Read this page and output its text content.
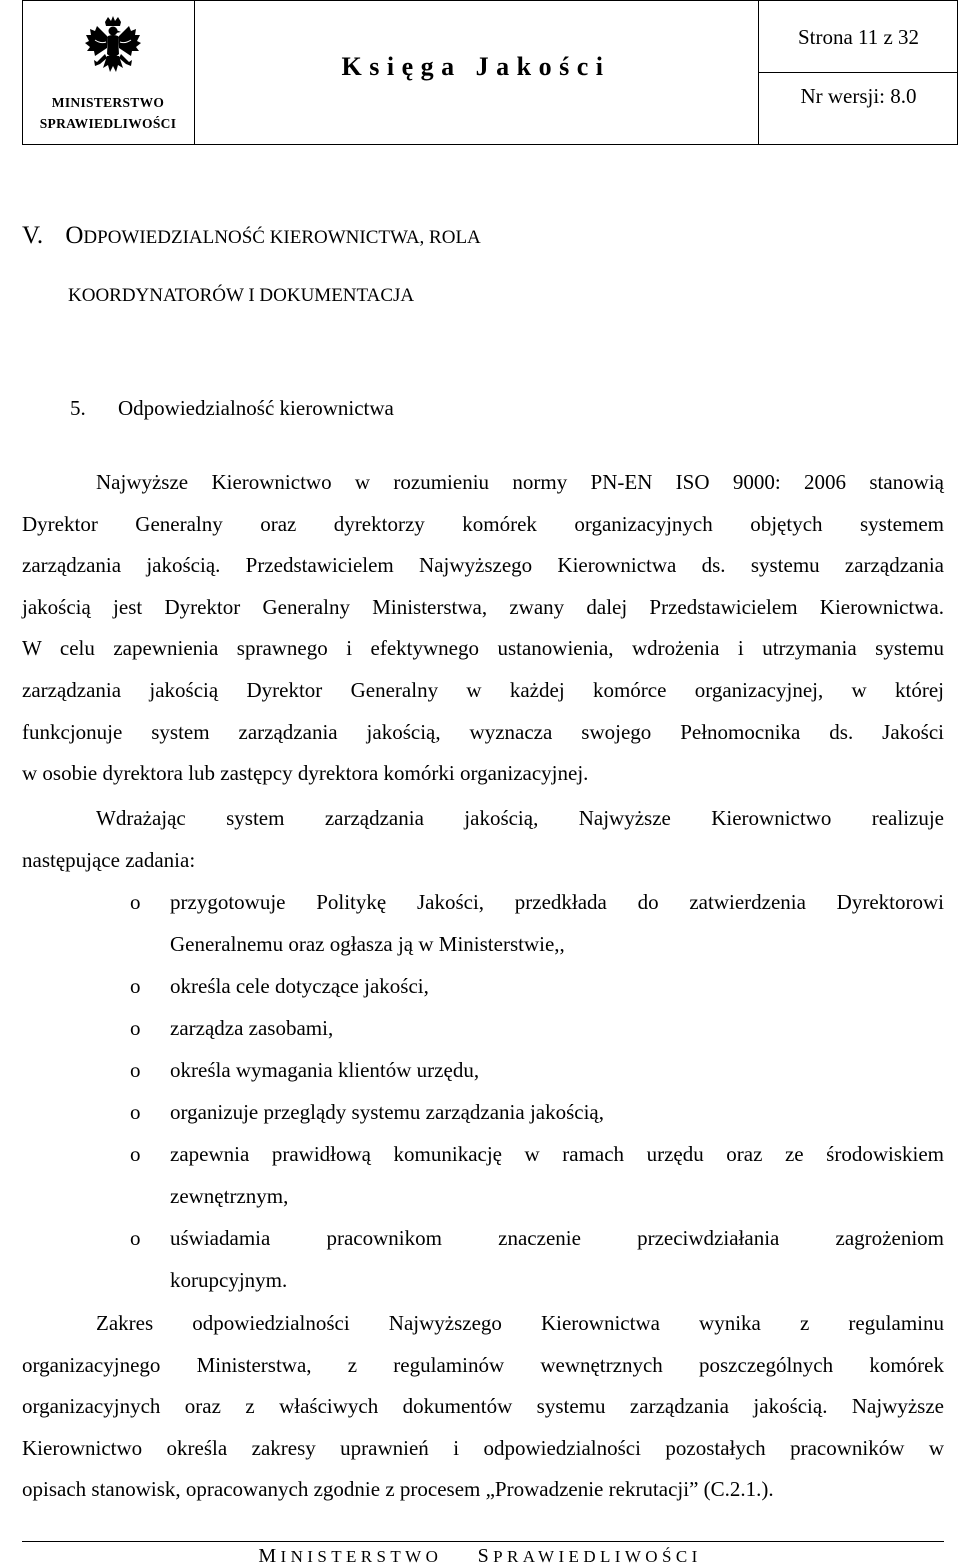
MINISTERSTWO
SPRAWIEDLIWOŚCI
Księga Jakości
Strona 11 z 32
Nr wersji: 8.0
V. ODPOWIEDZIALNOŚĆ KIEROWNICTWA, ROLA
KOORDYNATORÓW I DOKUMENTACJA
5. Odpowiedzialność kierownictwa
Najwyższe Kierownictwo w rozumieniu normy PN-EN ISO 9000: 2006 stanowią
Dyrektor Generalny oraz dyrektorzy komórek organizacyjnych objętych systemem
zarządzania jakością. Przedstawicielem Najwyższego Kierownictwa ds. systemu zarządzania
jakością jest Dyrektor Generalny Ministerstwa, zwany dalej Przedstawicielem Kierownictwa.
W celu zapewnienia sprawnego i efektywnego ustanowienia, wdrożenia i utrzymania systemu
zarządzania jakością Dyrektor Generalny w każdej komórce organizacyjnej, w której
funkcjonuje system zarządzania jakością, wyznacza swojego Pełnomocnika ds. Jakości
w osobie dyrektora lub zastępcy dyrektora komórki organizacyjnej.
Wdrażając system zarządzania jakością, Najwyższe Kierownictwo realizuje
następujące zadania:
o przygotowuje Politykę Jakości, przedkłada do zatwierdzenia Dyrektorowi
Generalnemu oraz ogłasza ją w Ministerstwie,,
o określa cele dotyczące jakości,
o zarządza zasobami,
o określa wymagania klientów urzędu,
o organizuje przeglądy systemu zarządzania jakością,
o zapewnia prawidłową komunikację w ramach urzędu oraz ze środowiskiem
zewnętrznym,
o uświadamia pracownikom znaczenie przeciwdziałania zagrożeniom
korupcyjnym.
Zakres odpowiedzialności Najwyższego Kierownictwa wynika z regulaminu
organizacyjnego Ministerstwa, z regulaminów wewnętrznych poszczególnych komórek
organizacyjnych oraz z właściwych dokumentów systemu zarządzania jakością. Najwyższe
Kierownictwo określa zakresy uprawnień i odpowiedzialności pozostałych pracowników w
opisach stanowisk, opracowanych zgodnie z procesem „Prowadzenie rekrutacji” (C.2.1.).
MINISTERSTWO SPRAWIEDLIWOŚCI
